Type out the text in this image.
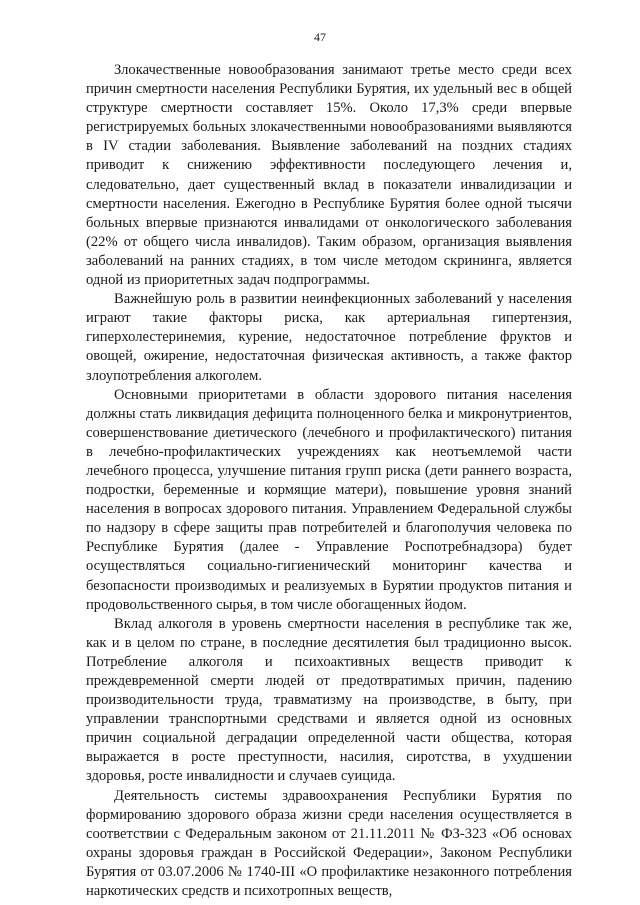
47

Злокачественные новообразования занимают третье место среди всех причин смертности населения Республики Бурятия, их удельный вес в общей структуре смертности составляет 15%. Около 17,3% среди впервые регистрируемых больных злокачественными новообразованиями выявляются в IV стадии заболевания. Выявление заболеваний на поздних стадиях приводит к снижению эффективности последующего лечения и, следовательно, дает существенный вклад в показатели инвалидизации и смертности населения. Ежегодно в Республике Бурятия более одной тысячи больных впервые признаются инвалидами от онкологического заболевания (22% от общего числа инвалидов). Таким образом, организация выявления заболеваний на ранних стадиях, в том числе методом скрининга, является одной из приоритетных задач подпрограммы.

Важнейшую роль в развитии неинфекционных заболеваний у населения играют такие факторы риска, как артериальная гипертензия, гиперхолестеринемия, курение, недостаточное потребление фруктов и овощей, ожирение, недостаточная физическая активность, а также фактор злоупотребления алкоголем.

Основными приоритетами в области здорового питания населения должны стать ликвидация дефицита полноценного белка и микронутриентов, совершенствование диетического (лечебного и профилактического) питания в лечебно-профилактических учреждениях как неотъемлемой части лечебного процесса, улучшение питания групп риска (дети раннего возраста, подростки, беременные и кормящие матери), повышение уровня знаний населения в вопросах здорового питания. Управлением Федеральной службы по надзору в сфере защиты прав потребителей и благополучия человека по Республике Бурятия (далее - Управление Роспотребнадзора) будет осуществляться социально-гигиенический мониторинг качества и безопасности производимых и реализуемых в Бурятии продуктов питания и продовольственного сырья, в том числе обогащенных йодом.

Вклад алкоголя в уровень смертности населения в республике так же, как и в целом по стране, в последние десятилетия был традиционно высок. Потребление алкоголя и психоактивных веществ приводит к преждевременной смерти людей от предотвратимых причин, падению производительности труда, травматизму на производстве, в быту, при управлении транспортными средствами и является одной из основных причин социальной деградации определенной части общества, которая выражается в росте преступности, насилия, сиротства, в ухудшении здоровья, росте инвалидности и случаев суицида.

Деятельность системы здравоохранения Республики Бурятия по формированию здорового образа жизни среди населения осуществляется в соответствии с Федеральным законом от 21.11.2011 № ФЗ-323 «Об основах охраны здоровья граждан в Российской Федерации», Законом Республики Бурятия от 03.07.2006 № 1740-III «О профилактике незаконного потребления наркотических средств и психотропных веществ,
